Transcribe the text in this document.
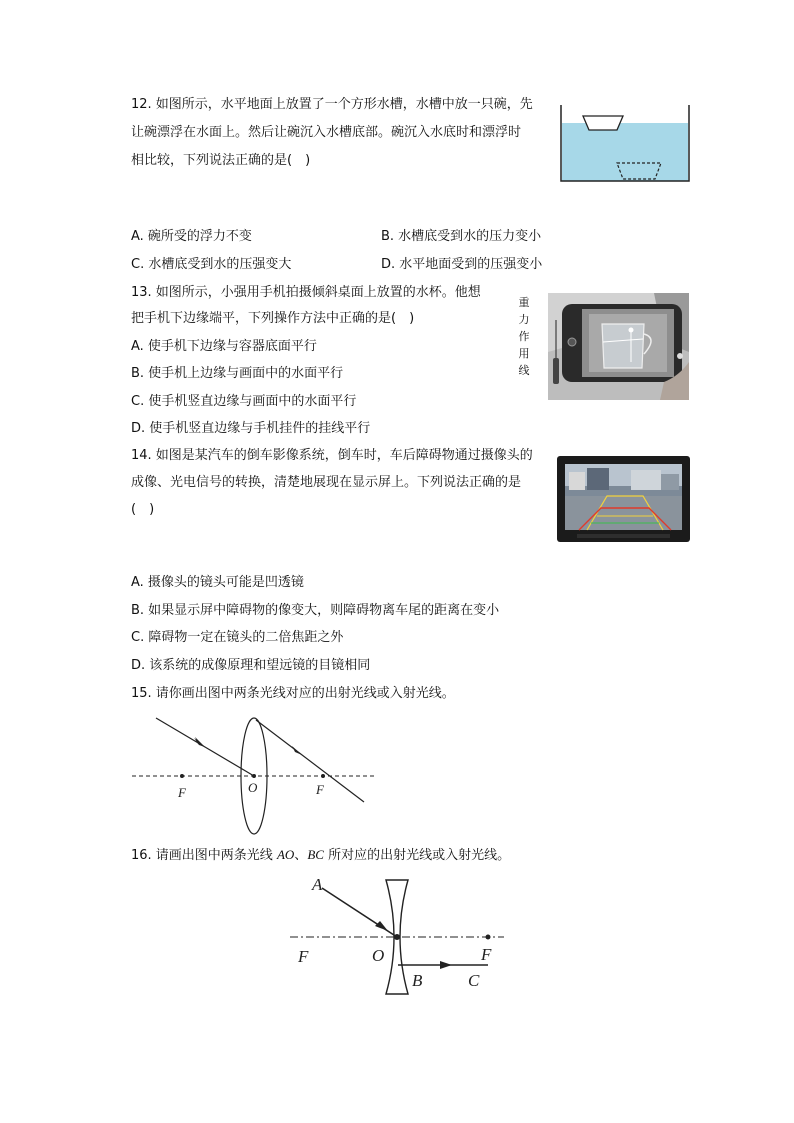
12. 如图所示，水平地面上放置了一个方形水槽，水槽中放一只碗，先
让碗漂浮在水面上。然后让碗沉入水槽底部。碗沉入水底时和漂浮时
相比较，下列说法正确的是(　)
A. 碗所受的浮力不变	B. 水槽底受到水的压力变小
C. 水槽底受到水的压强变大	D. 水平地面受到的压强变小
13. 如图所示，小强用手机拍摄倾斜桌面上放置的水杯。他想
把手机下边缘端平，下列操作方法中正确的是(　)
A. 使手机下边缘与容器底面平行
B. 使手机上边缘与画面中的水面平行
C. 使手机竖直边缘与画面中的水面平行
D. 使手机竖直边缘与手机挂件的挂线平行
重力作用线
14. 如图是某汽车的倒车影像系统，倒车时，车后障碍物通过摄像头的
成像、光电信号的转换，清楚地展现在显示屏上。下列说法正确的是
(　)
A. 摄像头的镜头可能是凹透镜
B. 如果显示屏中障碍物的像变大，则障碍物离车尾的距离在变小
C. 障碍物一定在镜头的二倍焦距之外
D. 该系统的成像原理和望远镜的目镜相同
15. 请你画出图中两条光线对应的出射光线或入射光线。
F	O	F
16. 请画出图中两条光线 AO、BC 所对应的出射光线或入射光线。
A
F	O
B	C
F
